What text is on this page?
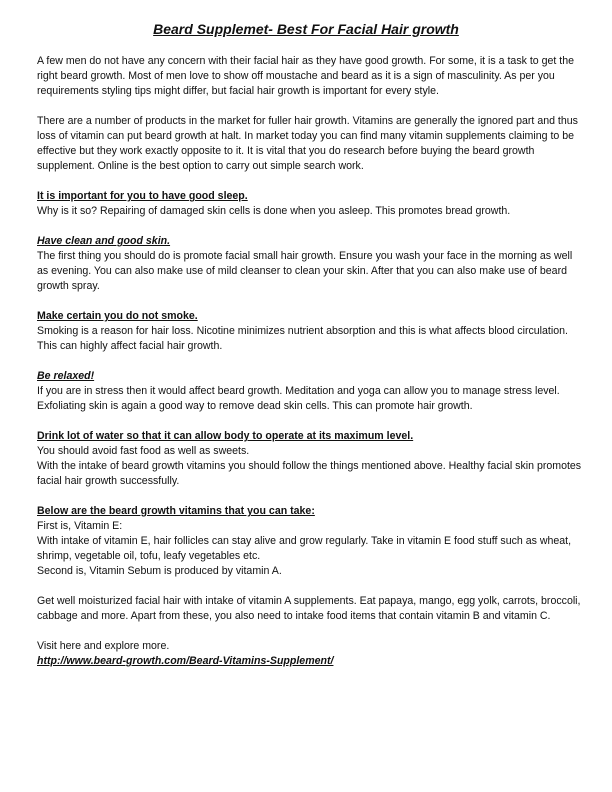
Beard Supplemet- Best For Facial Hair growth

A few men do not have any concern with their facial hair as they have good growth. For some, it is a task to get the right beard growth. Most of men love to show off moustache and beard as it is a sign of masculinity. As per you requirements styling tips might differ, but facial hair growth is important for every style.

There are a number of products in the market for fuller hair growth. Vitamins are generally the ignored part and thus loss of vitamin can put beard growth at halt. In market today you can find many vitamin supplements claiming to be effective but they work exactly opposite to it. It is vital that you do research before buying the beard growth supplement. Online is the best option to carry out simple search work.

It is important for you to have good sleep.

Why is it so? Repairing of damaged skin cells is done when you asleep. This promotes bread growth.

Have clean and good skin.

The first thing you should do is promote facial small hair growth. Ensure you wash your face in the morning as well as evening. You can also make use of mild cleanser to clean your skin. After that you can also make use of beard growth spray.

Make certain you do not smoke.

Smoking is a reason for hair loss. Nicotine minimizes nutrient absorption and this is what affects blood circulation. This can highly affect facial hair growth.

Be relaxed!

If you are in stress then it would affect beard growth. Meditation and yoga can allow you to manage stress level.

Exfoliating skin is again a good way to remove dead skin cells. This can promote hair growth.

Drink lot of water so that it can allow body to operate at its maximum level.

You should avoid fast food as well as sweets.

With the intake of beard growth vitamins you should follow the things mentioned above. Healthy facial skin promotes facial hair growth successfully.

Below are the beard growth vitamins that you can take:

First is, Vitamin E:

With intake of vitamin E, hair follicles can stay alive and grow regularly. Take in vitamin E food stuff such as wheat, shrimp, vegetable oil, tofu, leafy vegetables etc.

Second is, Vitamin Sebum is produced by vitamin A.

Get well moisturized facial hair with intake of vitamin A supplements. Eat papaya, mango, egg yolk, carrots, broccoli, cabbage and more. Apart from these, you also need to intake food items that contain vitamin B and vitamin C.

Visit here and explore more.

http://www.beard-growth.com/Beard-Vitamins-Supplement/
